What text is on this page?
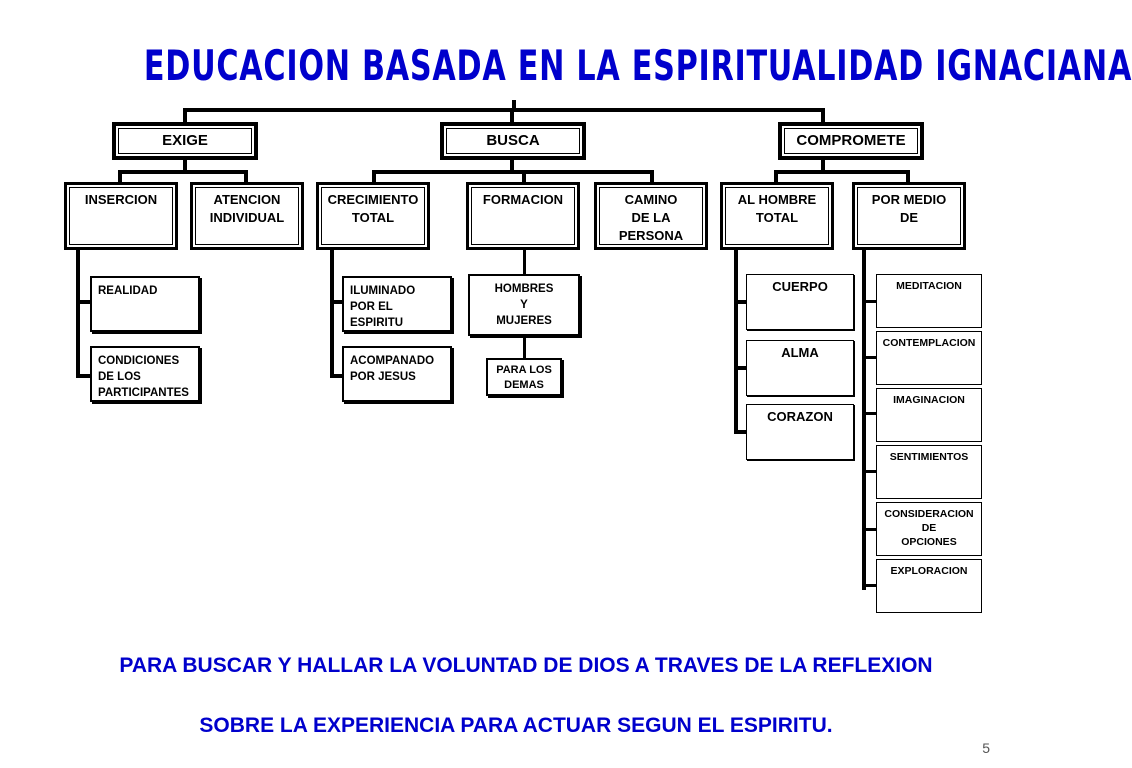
EDUCACION BASADA EN LA ESPIRITUALIDAD IGNACIANA
EXIGE	BUSCA	COMPROMETE
INSERCION	ATENCION
INDIVIDUAL
CRECIMIENTO
TOTAL
FORMACION	CAMINO
DE LA
PERSONA
AL HOMBRE
TOTAL
POR MEDIO
DE
REALIDAD
CONDICIONES
DE LOS
PARTICIPANTES
ILUMINADO
POR EL
ESPIRITU
ACOMPANADO
POR JESUS
HOMBRES
Y
MUJERES
PARA LOS
DEMAS
CUERPO
ALMA
CORAZON
MEDITACION
CONTEMPLACION
IMAGINACION
SENTIMIENTOS
CONSIDERACION
DE
OPCIONES
EXPLORACION
PARA BUSCAR Y HALLAR LA VOLUNTAD DE DIOS A TRAVES DE LA REFLEXION
SOBRE LA EXPERIENCIA PARA ACTUAR SEGUN EL ESPIRITU.
5
